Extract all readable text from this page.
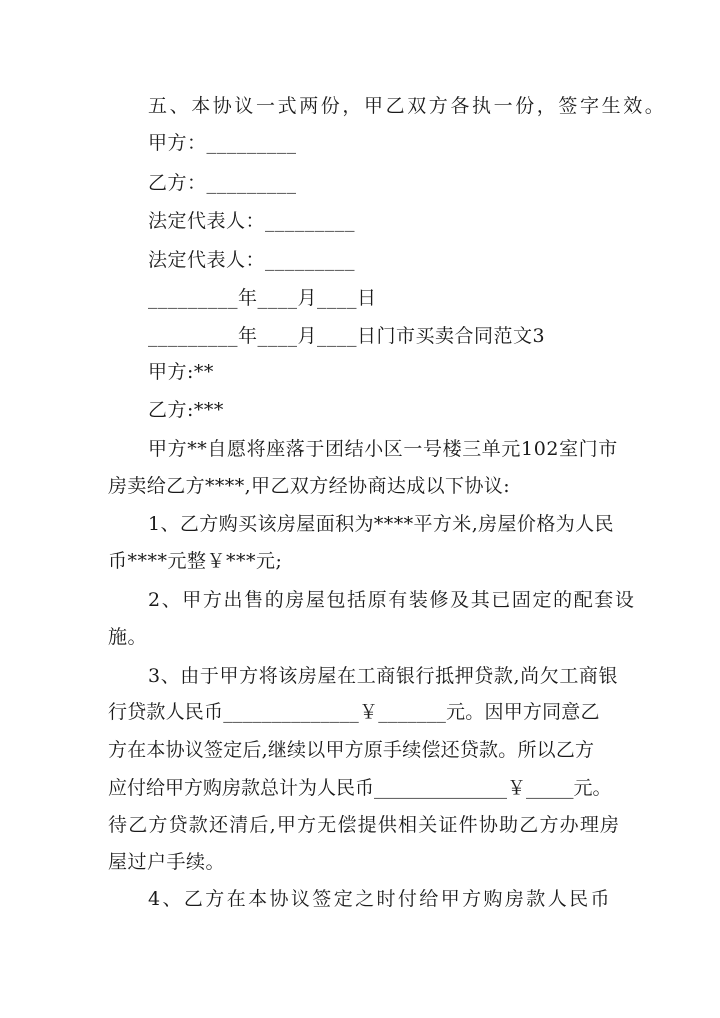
五、本协议一式两份，甲乙双方各执一份，签字生效。
甲方：_________
乙方：_________
法定代表人：_________
法定代表人：_________
_________年____月____日
_________年____月____日门市买卖合同范文3
甲方:**
乙方:***
甲方**自愿将座落于团结小区一号楼三单元102室门市
房卖给乙方****,甲乙双方经协商达成以下协议:
1、乙方购买该房屋面积为****平方米,房屋价格为人民
币****元整￥***元;
2、甲方出售的房屋包括原有装修及其已固定的配套设
施。
3、由于甲方将该房屋在工商银行抵押贷款,尚欠工商银
行贷款人民币______________￥_______元。因甲方同意乙
方在本协议签定后,继续以甲方原手续偿还贷款。所以乙方
应付给甲方购房款总计为人民币______________￥_____元。
待乙方贷款还清后,甲方无偿提供相关证件协助乙方办理房
屋过户手续。
4、乙方在本协议签定之时付给甲方购房款人民币
